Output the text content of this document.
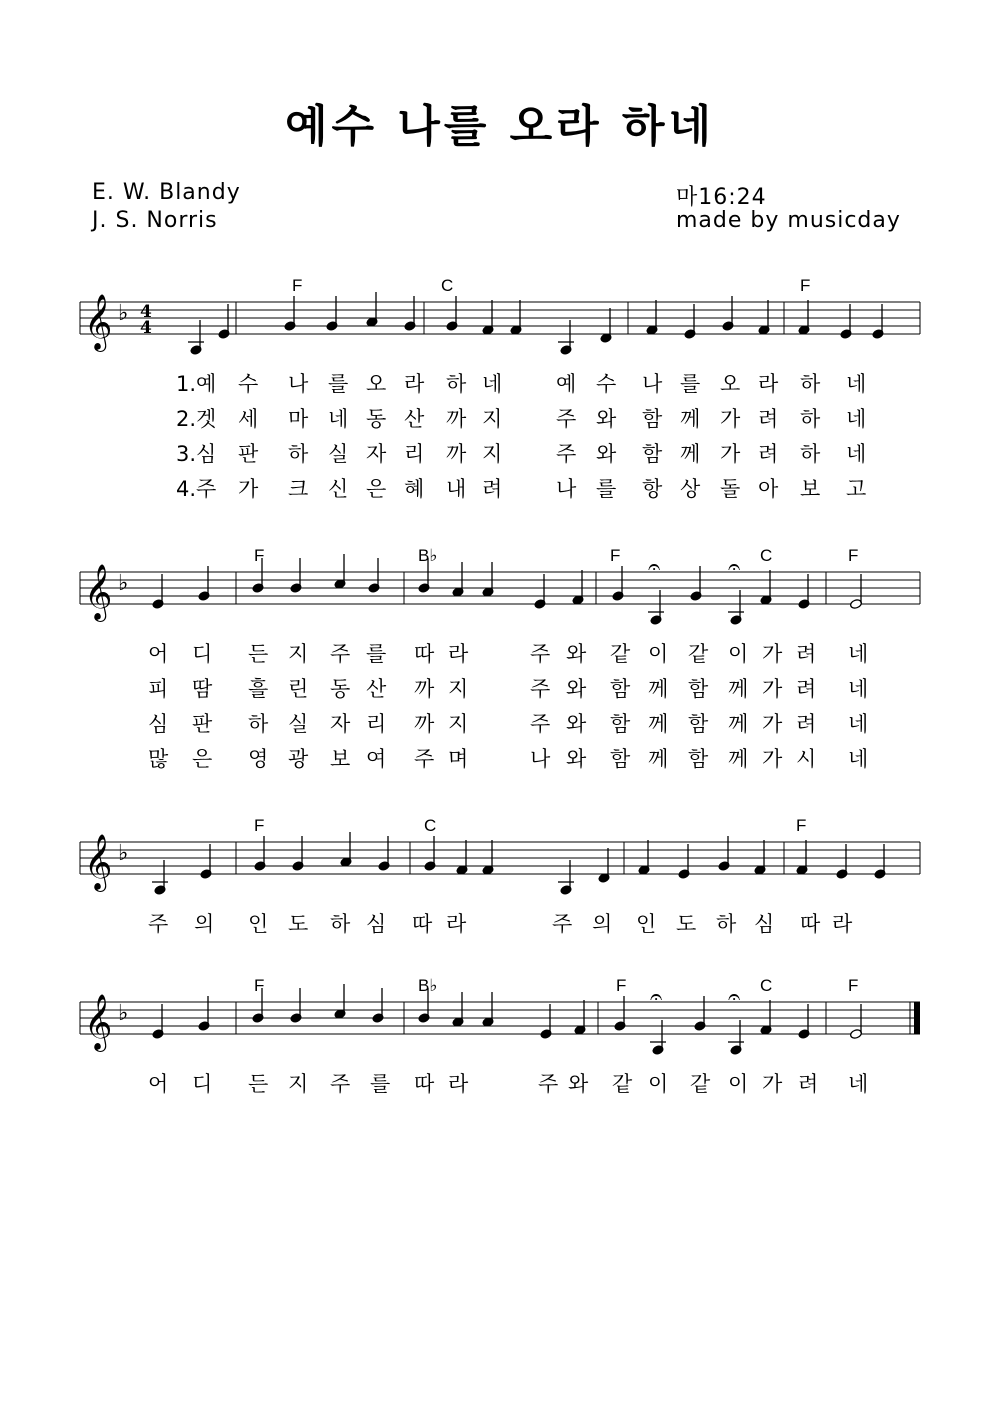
예수 나를 오라 하네
E. W. Blandy
J. S. Norris
마16:24
made by musicday
F	C	F
𝄞 ♭ 4
4
1.예 수 나 를 오 라 하 네	예 수 나 를 오 라 하 네
2.겟 세 마 네 동 산 까 지	주 와 함 께 가 려 하 네
3.심 판 하 실 자 리 까 지	주 와 함 께 가 려 하 네
4.주 가 크 신 은 혜 내 려	나 를 항 상 돌 아 보 고
F	B♭	F	C	F
𝄞 ♭
𝄐	𝄐
어 디 든 지 주 를 따 라	주 와 같 이 같 이 가 려 네
피 땀 흘 린 동 산 까 지	주 와 함 께 함 께 가 려 네
심 판 하 실 자 리 까 지	주 와 함 께 함 께 가 려 네
많 은 영 광 보 여 주 며	나 와 함 께 함 께 가 시 네
F	C	F
𝄞 ♭
주 의 인 도 하 심 따 라	주 의 인 도 하 심 따 라
F	B♭	F	C	F
𝄞 ♭
𝄐	𝄐
어 디 든 지 주 를 따 라	주 와 같 이 같 이 가 려 네
